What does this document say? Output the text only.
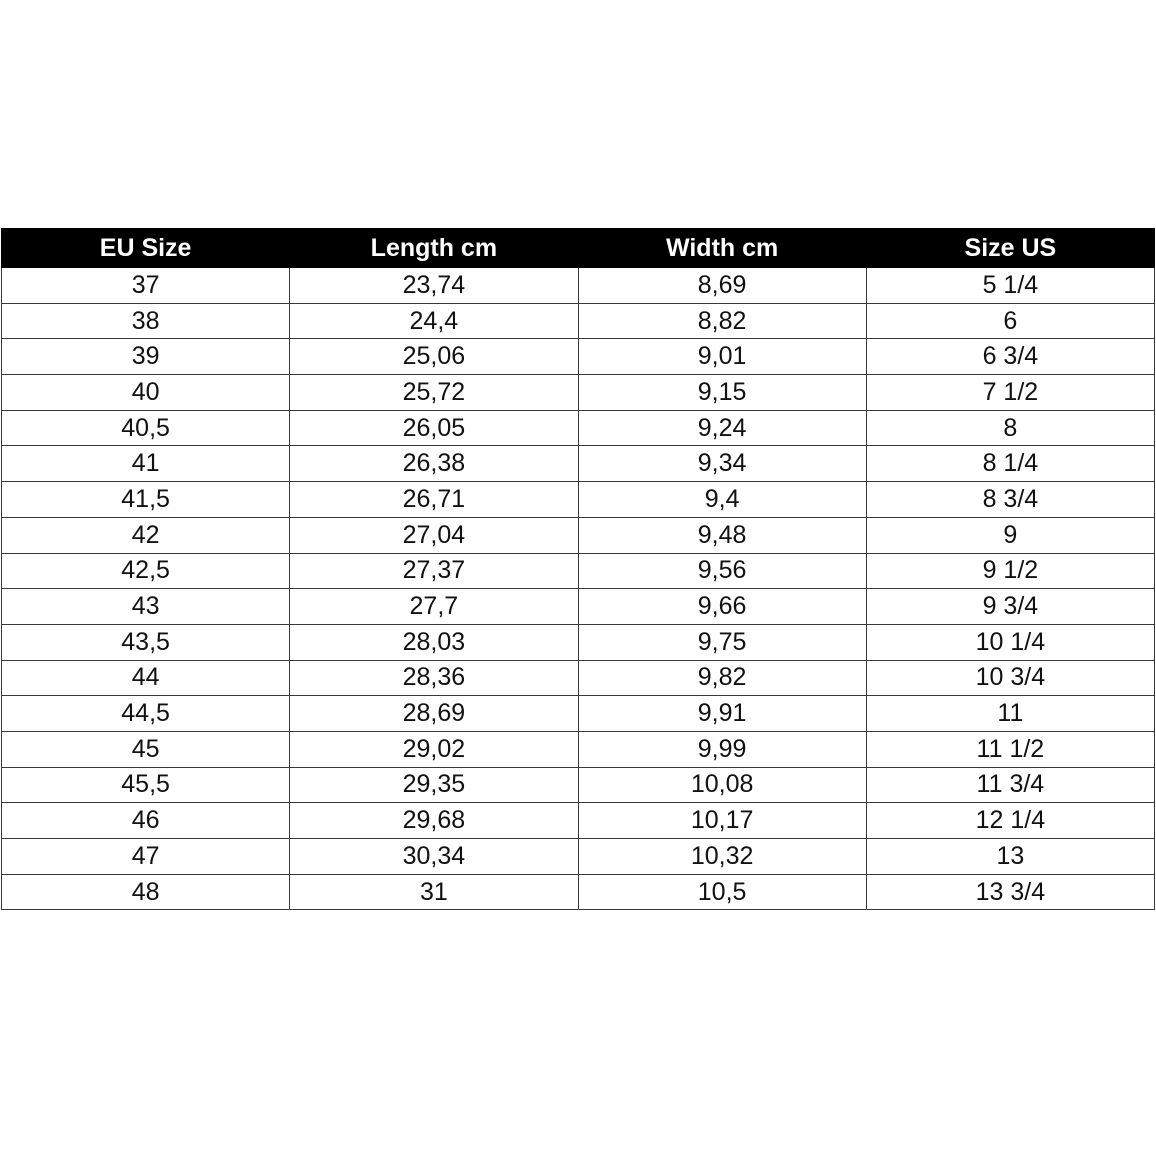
EU Size	Length cm	Width cm	Size US
37	23,74	8,69	5 1/4
38	24,4	8,82	6
39	25,06	9,01	6 3/4
40	25,72	9,15	7 1/2
40,5	26,05	9,24	8
41	26,38	9,34	8 1/4
41,5	26,71	9,4	8 3/4
42	27,04	9,48	9
42,5	27,37	9,56	9 1/2
43	27,7	9,66	9 3/4
43,5	28,03	9,75	10 1/4
44	28,36	9,82	10 3/4
44,5	28,69	9,91	11
45	29,02	9,99	11 1/2
45,5	29,35	10,08	11 3/4
46	29,68	10,17	12 1/4
47	30,34	10,32	13
48	31	10,5	13 3/4
